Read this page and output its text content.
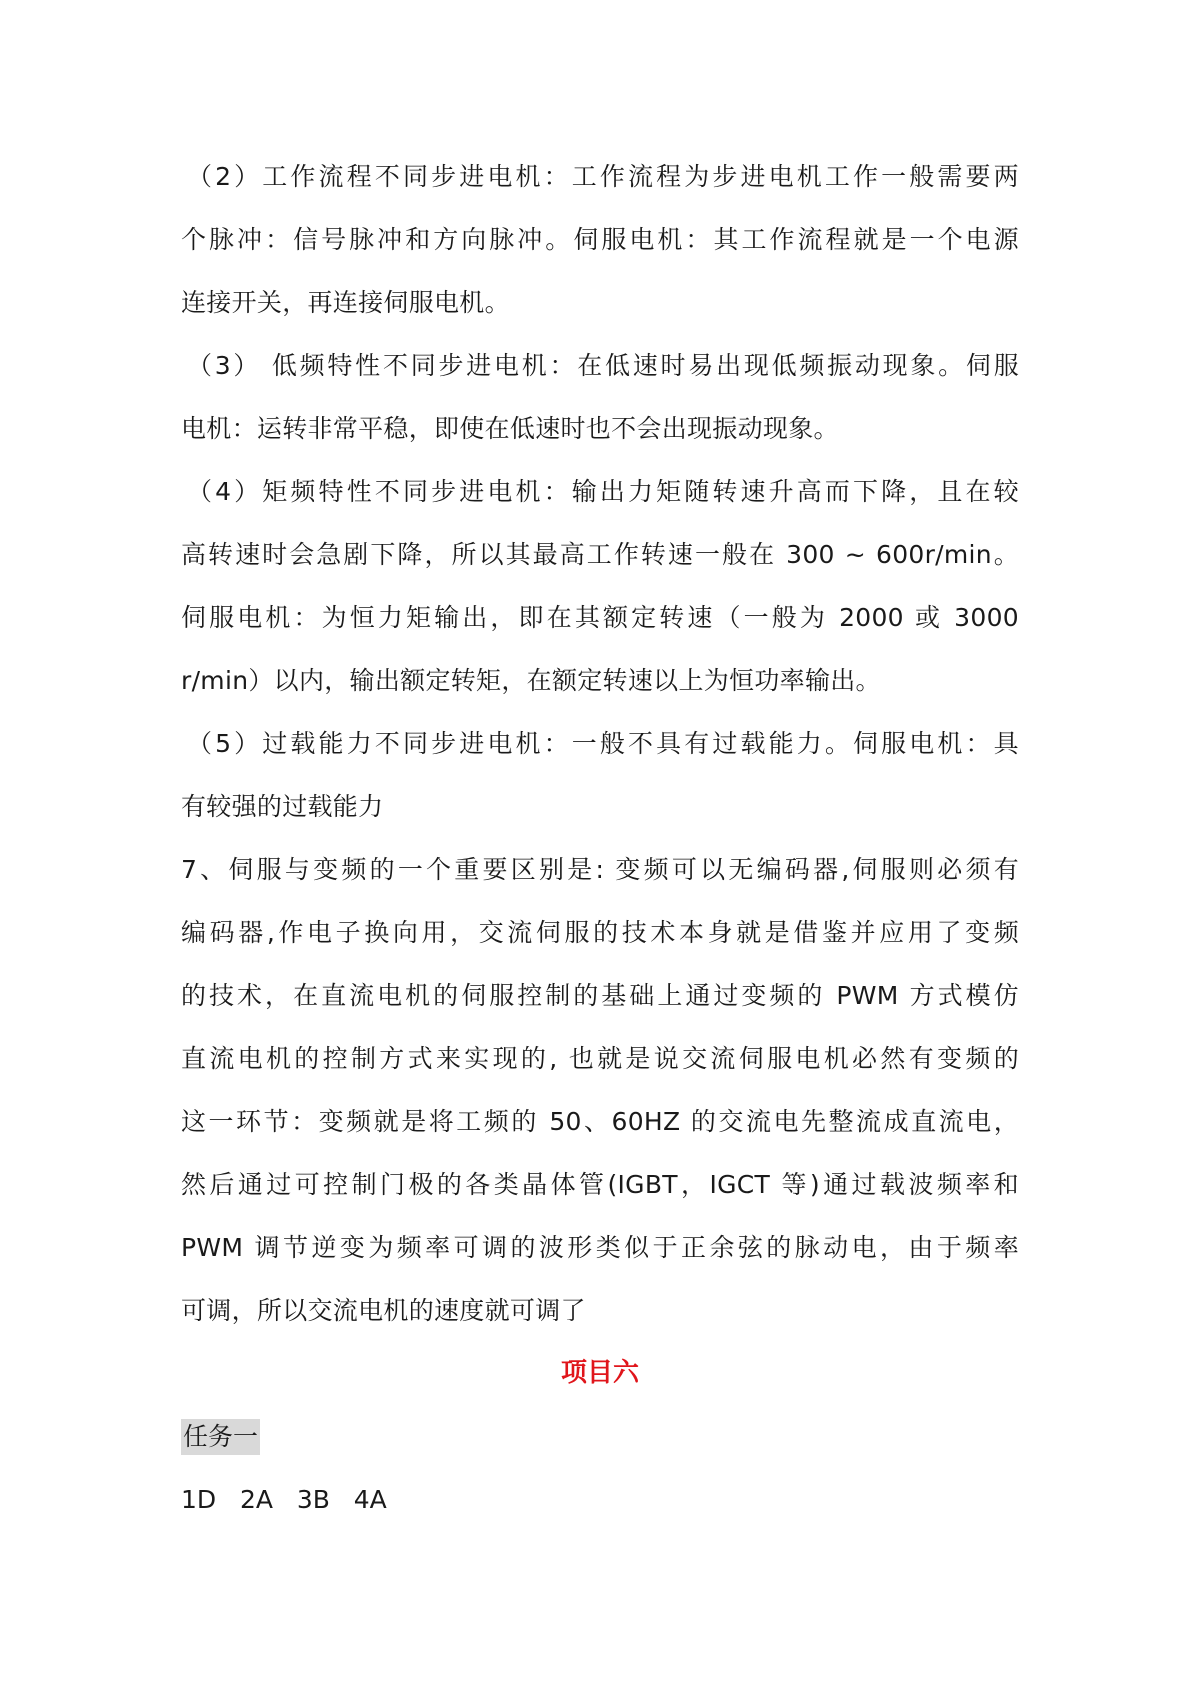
（2）工作流程不同步进电机：工作流程为步进电机工作一般需要两
个脉冲：信号脉冲和方向脉冲。伺服电机：其工作流程就是一个电源
连接开关，再连接伺服电机。
（3） 低频特性不同步进电机：在低速时易出现低频振动现象。伺服
电机：运转非常平稳，即使在低速时也不会出现振动现象。
（4）矩频特性不同步进电机：输出力矩随转速升高而下降，且在较
高转速时会急剧下降，所以其最高工作转速一般在 300 ~ 600r/min。
伺服电机：为恒力矩输出，即在其额定转速（一般为 2000 或 3000
r/min）以内，输出额定转矩，在额定转速以上为恒功率输出。
（5）过载能力不同步进电机：一般不具有过载能力。伺服电机：具
有较强的过载能力
7、伺服与变频的一个重要区别是: 变频可以无编码器,伺服则必须有
编码器,作电子换向用，交流伺服的技术本身就是借鉴并应用了变频
的技术，在直流电机的伺服控制的基础上通过变频的 PWM 方式模仿
直流电机的控制方式来实现的, 也就是说交流伺服电机必然有变频的
这一环节：变频就是将工频的 50、60HZ 的交流电先整流成直流电，
然后通过可控制门极的各类晶体管(IGBT，IGCT 等)通过载波频率和
PWM 调节逆变为频率可调的波形类似于正余弦的脉动电，由于频率
可调，所以交流电机的速度就可调了
项目六
任务一
1D   2A   3B   4A
